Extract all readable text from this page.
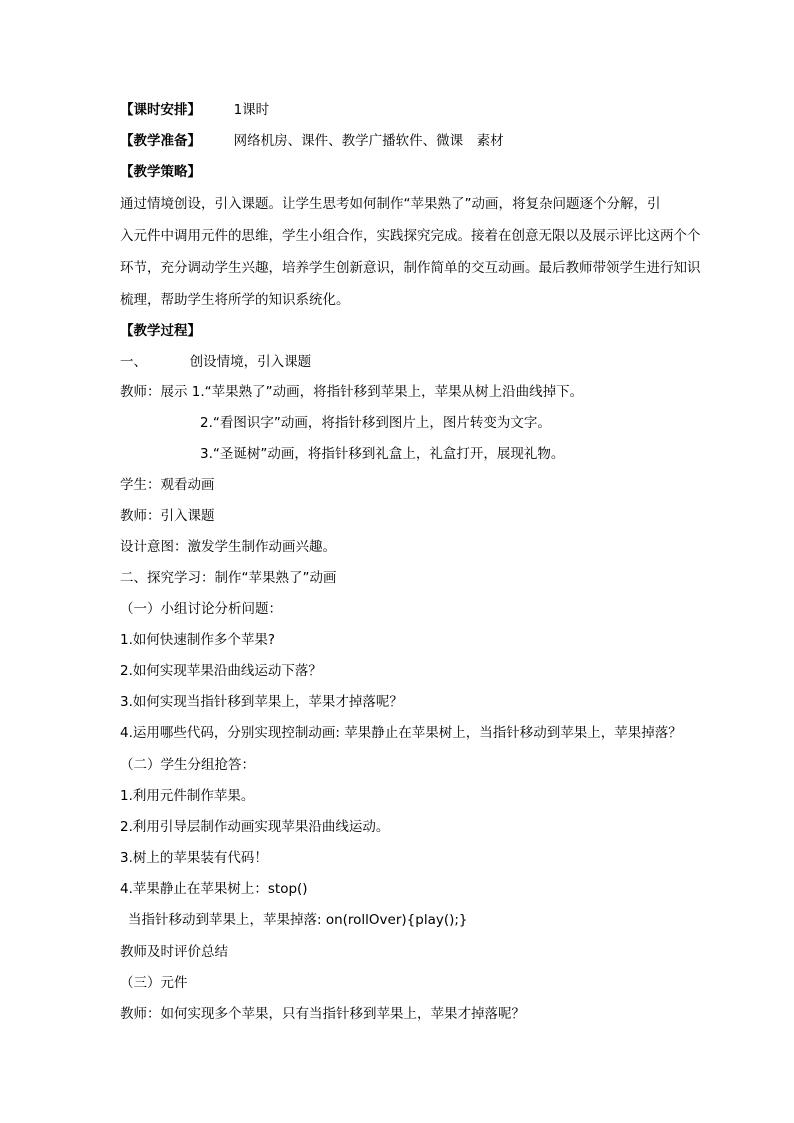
【课时安排】 1课时
【教学准备】 网络机房、课件、教学广播软件、微课　素材
【教学策略】
通过情境创设，引入课题。让学生思考如何制作“苹果熟了”动画，将复杂问题逐个分解，引
入元件中调用元件的思维，学生小组合作，实践探究完成。接着在创意无限以及展示评比这两个个
环节，充分调动学生兴趣，培养学生创新意识，制作简单的交互动画。最后教师带领学生进行知识
梳理，帮助学生将所学的知识系统化。
【教学过程】
一、	创设情境，引入课题
教师：展示 1.“苹果熟了”动画，将指针移到苹果上，苹果从树上沿曲线掉下。
2.“看图识字”动画，将指针移到图片上，图片转变为文字。
3.“圣诞树”动画，将指针移到礼盒上，礼盒打开，展现礼物。
学生：观看动画
教师：引入课题
设计意图：激发学生制作动画兴趣。
二、探究学习：制作“苹果熟了”动画
（一）小组讨论分析问题：
1.如何快速制作多个苹果?
2.如何实现苹果沿曲线运动下落？
3.如何实现当指针移到苹果上，苹果才掉落呢？
4.运用哪些代码，分别实现控制动画: 苹果静止在苹果树上，当指针移动到苹果上，苹果掉落？
（二）学生分组抢答：
1.利用元件制作苹果。
2.利用引导层制作动画实现苹果沿曲线运动。
3.树上的苹果装有代码！
4.苹果静止在苹果树上：stop()
当指针移动到苹果上，苹果掉落: on(rollOver){play();}
教师及时评价总结
（三）元件
教师：如何实现多个苹果，只有当指针移到苹果上，苹果才掉落呢？
